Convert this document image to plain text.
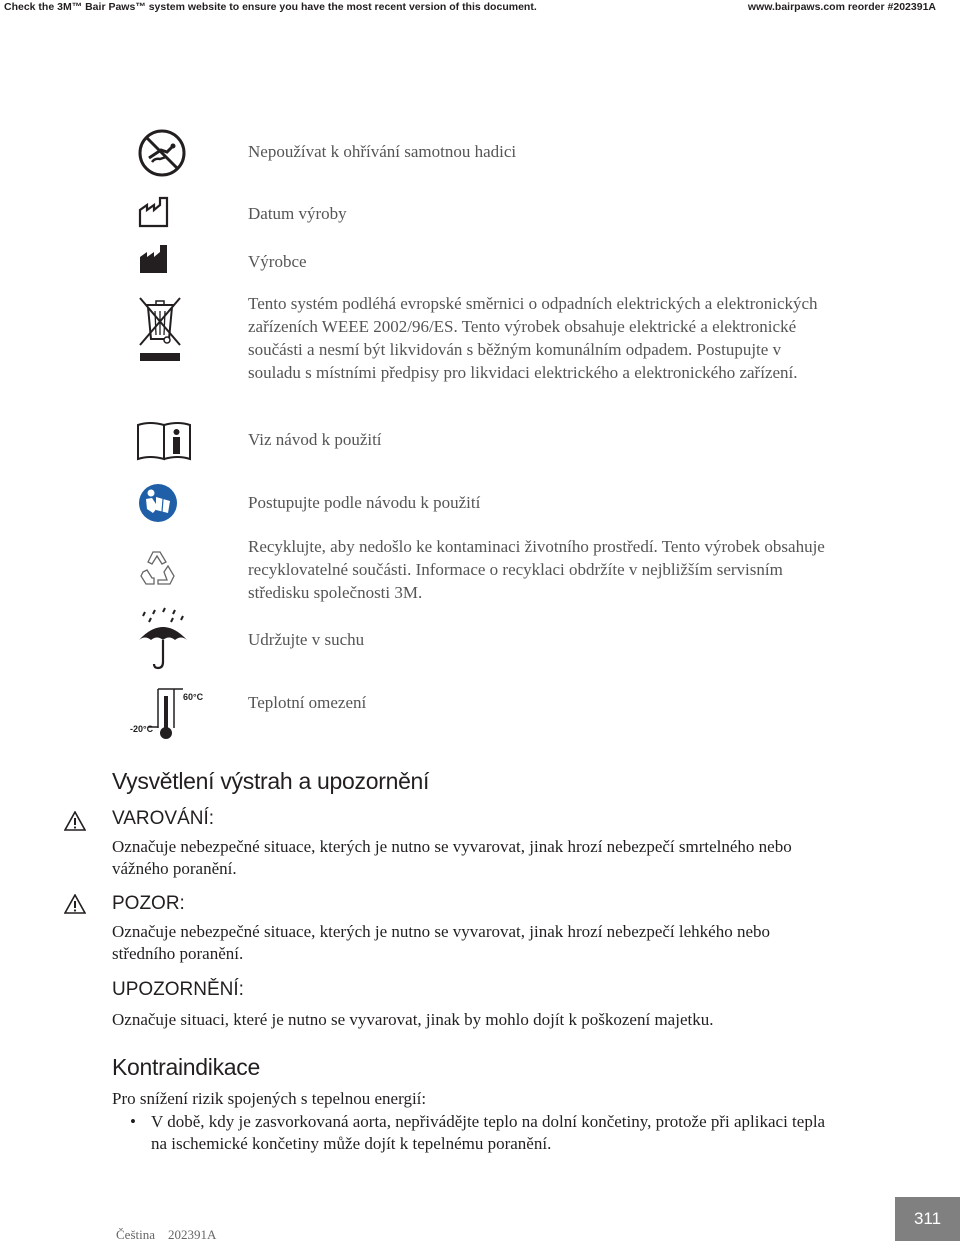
Check the 3M™ Bair Paws™ system website to ensure you have the most recent version of this document.	www.bairpaws.com reorder #202391A
Nepoužívat k ohřívání samotnou hadici
Datum výroby
Výrobce
Tento systém podléhá evropské směrnici o odpadních elektrických a elektronických zařízeních WEEE 2002/96/ES. Tento výrobek obsahuje elektrické a elektronické součásti a nesmí být likvidován s běžným komunálním odpadem. Postupujte v souladu s místními předpisy pro likvidaci elektrického a elektronického zařízení.
Viz návod k použití
Postupujte podle návodu k použití
Recyklujte, aby nedošlo ke kontaminaci životního prostředí. Tento výrobek obsahuje recyklovatelné součásti. Informace o recyklaci obdržíte v nejbližším servisním středisku společnosti 3M.
Udržujte v suchu
60°C
-20°C
Teplotní omezení
Vysvětlení výstrah a upozornění
VAROVÁNÍ:
Označuje nebezpečné situace, kterých je nutno se vyvarovat, jinak hrozí nebezpečí smrtelného nebo vážného poranění.
POZOR:
Označuje nebezpečné situace, kterých je nutno se vyvarovat, jinak hrozí nebezpečí lehkého nebo středního poranění.
UPOZORNĚNÍ:
Označuje situaci, které je nutno se vyvarovat, jinak by mohlo dojít k poškození majetku.
Kontraindikace
Pro snížení rizik spojených s tepelnou energií:
• V době, kdy je zasvorkovaná aorta, nepřivádějte teplo na dolní končetiny, protože při aplikaci tepla na ischemické končetiny může dojít k tepelnému poranění.
Čeština 202391A
311
